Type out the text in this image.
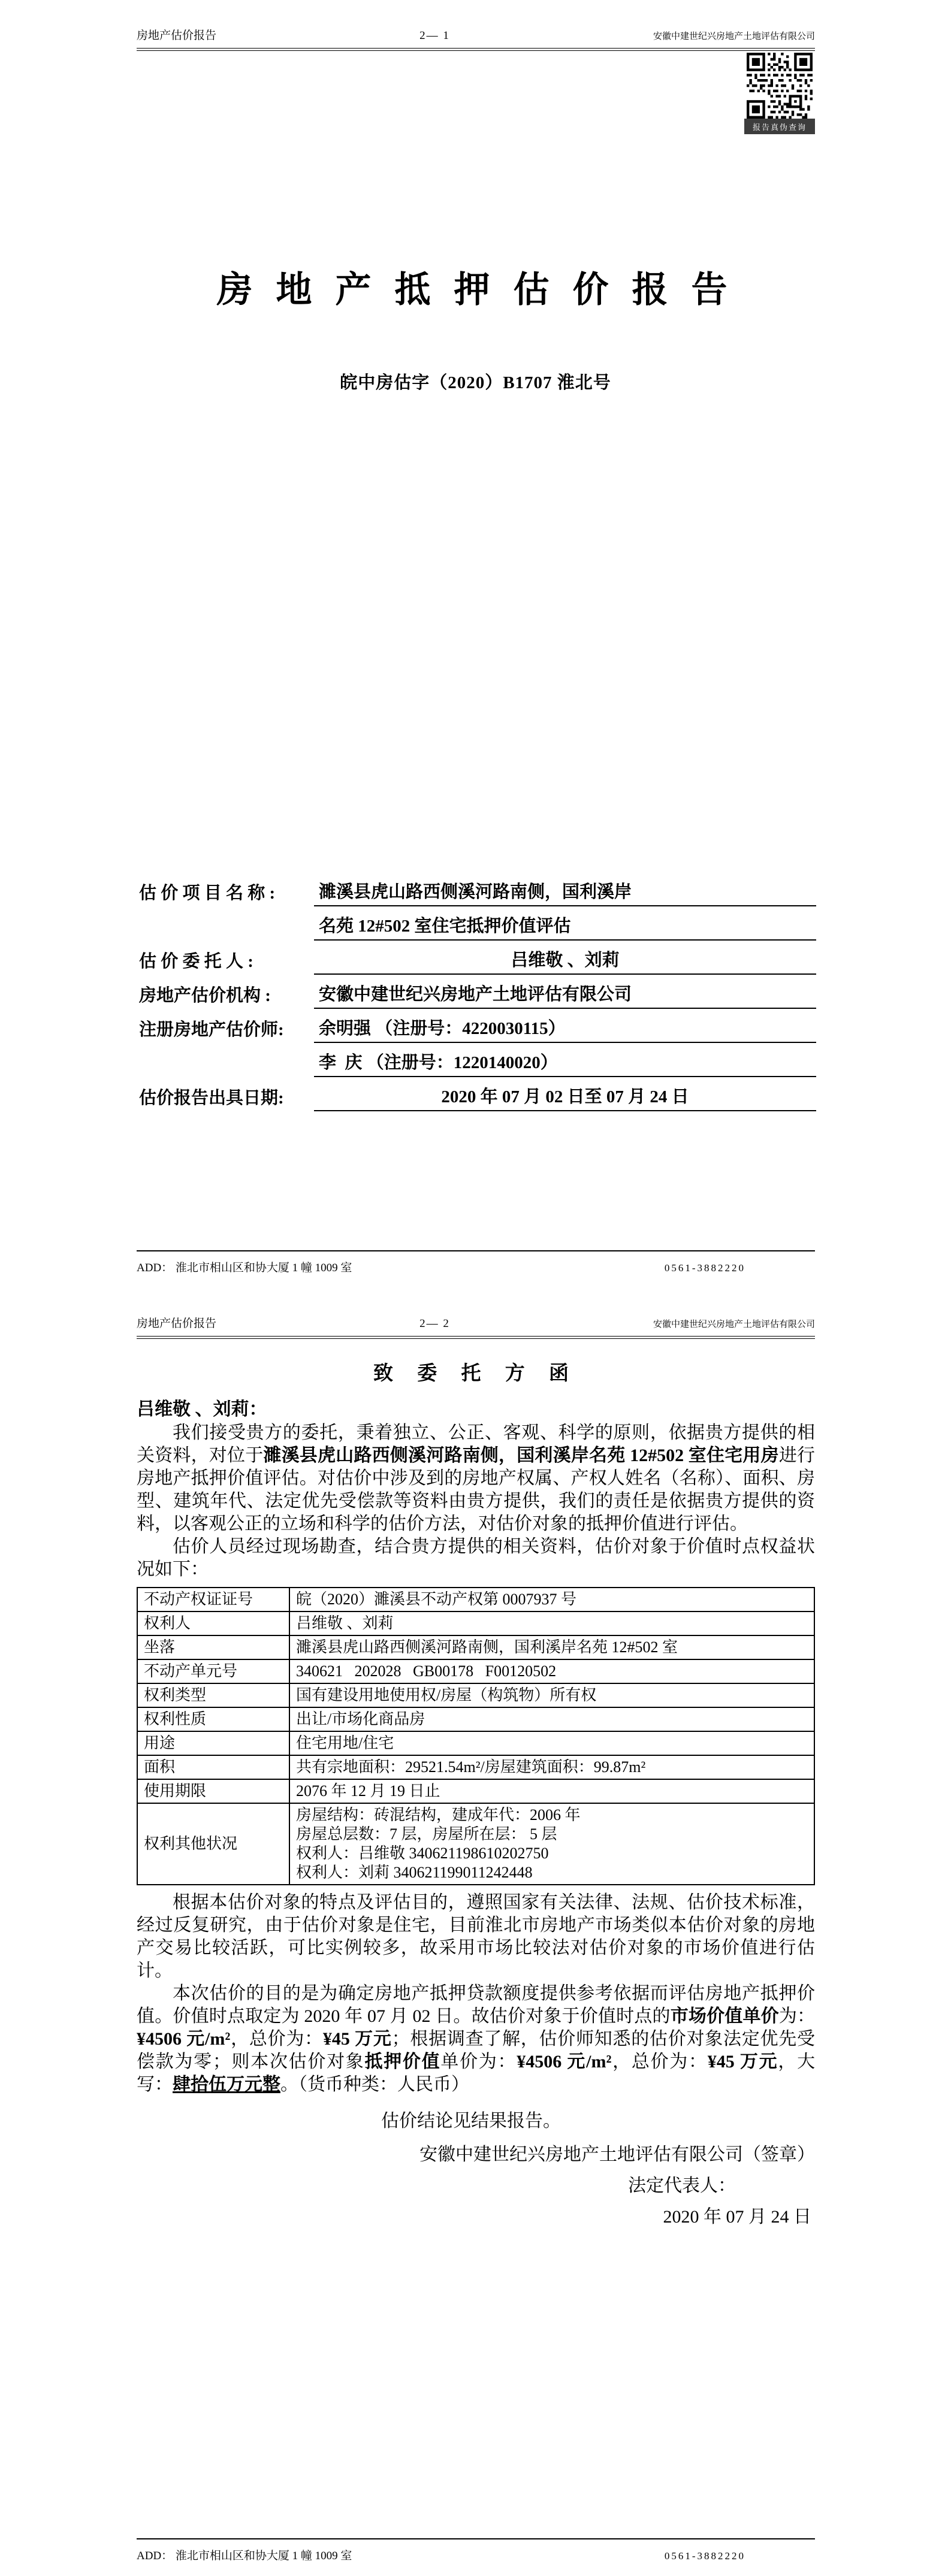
房地产估价报告	2— 1	安徽中建世纪兴房地产土地评估有限公司
报告真伪查询
房 地 产 抵 押 估 价 报 告
皖中房估字（2020）B1707 淮北号
估 价 项 目 名 称 :	濉溪县虎山路西侧溪河路南侧，国利溪岸
名苑 12#502 室住宅抵押价值评估
估 价 委 托 人 :	吕维敬 、刘莉
房地产估价机构 :	安徽中建世纪兴房地产土地评估有限公司
注册房地产估价师:	余明强 （注册号：4220030115）
李  庆 （注册号：1220140020）
估价报告出具日期:	2020 年 07 月 02 日至 07 月 24 日
ADD： 淮北市相山区和协大厦 1 幢 1009 室	0561-3882220
房地产估价报告	2— 2	安徽中建世纪兴房地产土地评估有限公司
致 委 托 方 函
吕维敬 、刘莉：

我们接受贵方的委托，秉着独立、公正、客观、科学的原则，依据贵方提供的相关资料，对位于濉溪县虎山路西侧溪河路南侧，国利溪岸名苑 12#502 室住宅用房进行房地产抵押价值评估。对估价中涉及到的房地产权属、产权人姓名（名称）、面积、房型、建筑年代、法定优先受偿款等资料由贵方提供，我们的责任是依据贵方提供的资料，以客观公正的立场和科学的估价方法，对估价对象的抵押价值进行评估。

估价人员经过现场勘查，结合贵方提供的相关资料，估价对象于价值时点权益状况如下：

不动产权证证号	皖（2020）濉溪县不动产权第 0007937 号
权利人	吕维敬 、刘莉
坐落	濉溪县虎山路西侧溪河路南侧，国利溪岸名苑 12#502 室
不动产单元号	340621   202028   GB00178   F00120502
权利类型	国有建设用地使用权/房屋（构筑物）所有权
权利性质	出让/市场化商品房
用途	住宅用地/住宅
面积	共有宗地面积：29521.54m²/房屋建筑面积：99.87m²
使用期限	2076 年 12 月 19 日止
权利其他状况	房屋结构：砖混结构，建成年代：2006 年
房屋总层数：7 层，房屋所在层： 5 层
权利人：吕维敬 340621198610202750
权利人：刘莉 340621199011242448

根据本估价对象的特点及评估目的，遵照国家有关法律、法规、估价技术标准，经过反复研究，由于估价对象是住宅，目前淮北市房地产市场类似本估价对象的房地产交易比较活跃，可比实例较多，故采用市场比较法对估价对象的市场价值进行估计。

本次估价的目的是为确定房地产抵押贷款额度提供参考依据而评估房地产抵押价值。价值时点取定为 2020 年 07 月 02 日。故估价对象于价值时点的市场价值单价为：¥4506 元/m²，总价为：¥45 万元；根据调查了解，估价师知悉的估价对象法定优先受偿款为零；则本次估价对象抵押价值单价为：¥4506 元/m²，总价为：¥45 万元，大写：肆拾伍万元整。（货币种类：人民币）

估价结论见结果报告。
安徽中建世纪兴房地产土地评估有限公司（签章）
法定代表人：
2020 年 07 月 24 日
ADD： 淮北市相山区和协大厦 1 幢 1009 室	0561-3882220
